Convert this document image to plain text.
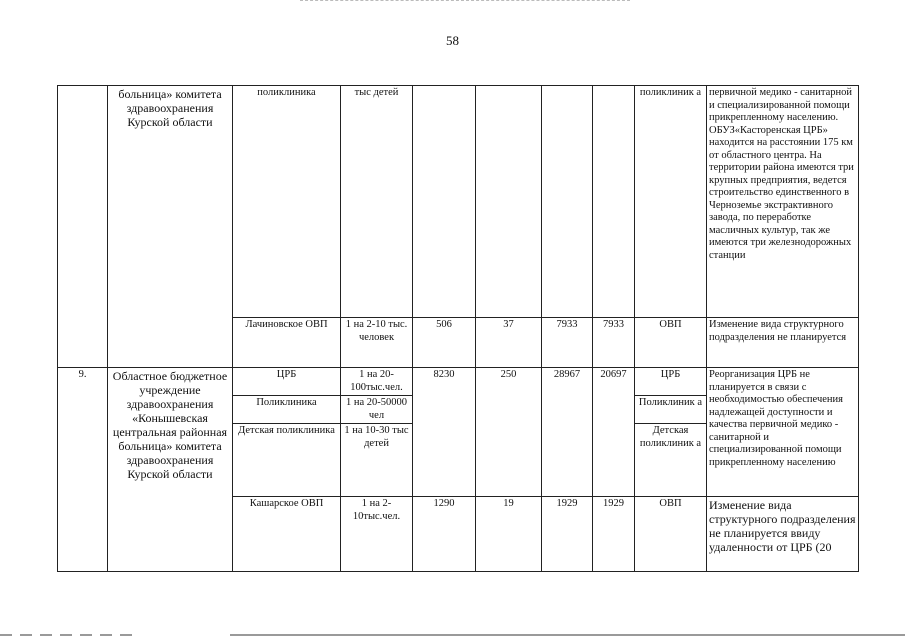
58

	больница» комитета здравоохранения Курской области	поликлиника	тыс детей					поликлиник а	первичной медико - санитарной и специализированной помощи прикрепленному населению. ОБУЗ«Касторенская ЦРБ» находится на расстоянии 175 км от областного центра. На территории района имеются три крупных предприятия, ведется строительство единственного в Черноземье экстрактивного завода, по переработке масличных культур, так же имеются три железнодорожных станции

		Лачиновское ОВП	1 на 2-10 тыс. человек	506	37	7933	7933	ОВП	Изменение вида структурного подразделения не планируется

9.	Областное бюджетное учреждение здравоохранения «Конышевская центральная районная больница» комитета здравоохранения Курской области	ЦРБ	1 на 20-100тыс.чел.	8230	250	28967	20697	ЦРБ	Реорганизация ЦРБ не планируется в связи с необходимостью обеспечения надлежащей доступности и качества первичной медико - санитарной и специализированной помощи прикрепленному населению

		Поликлиника	1 на 20-50000 чел					Поликлиник а	
		Детская поликлиника	1 на 10-30 тыс детей					Детская поликлиник а	
		Кашарское ОВП	1 на 2-10тыс.чел.	1290	19	1929	1929	ОВП	Изменение вида структурного подразделения не планируется ввиду удаленности от ЦРБ (20
